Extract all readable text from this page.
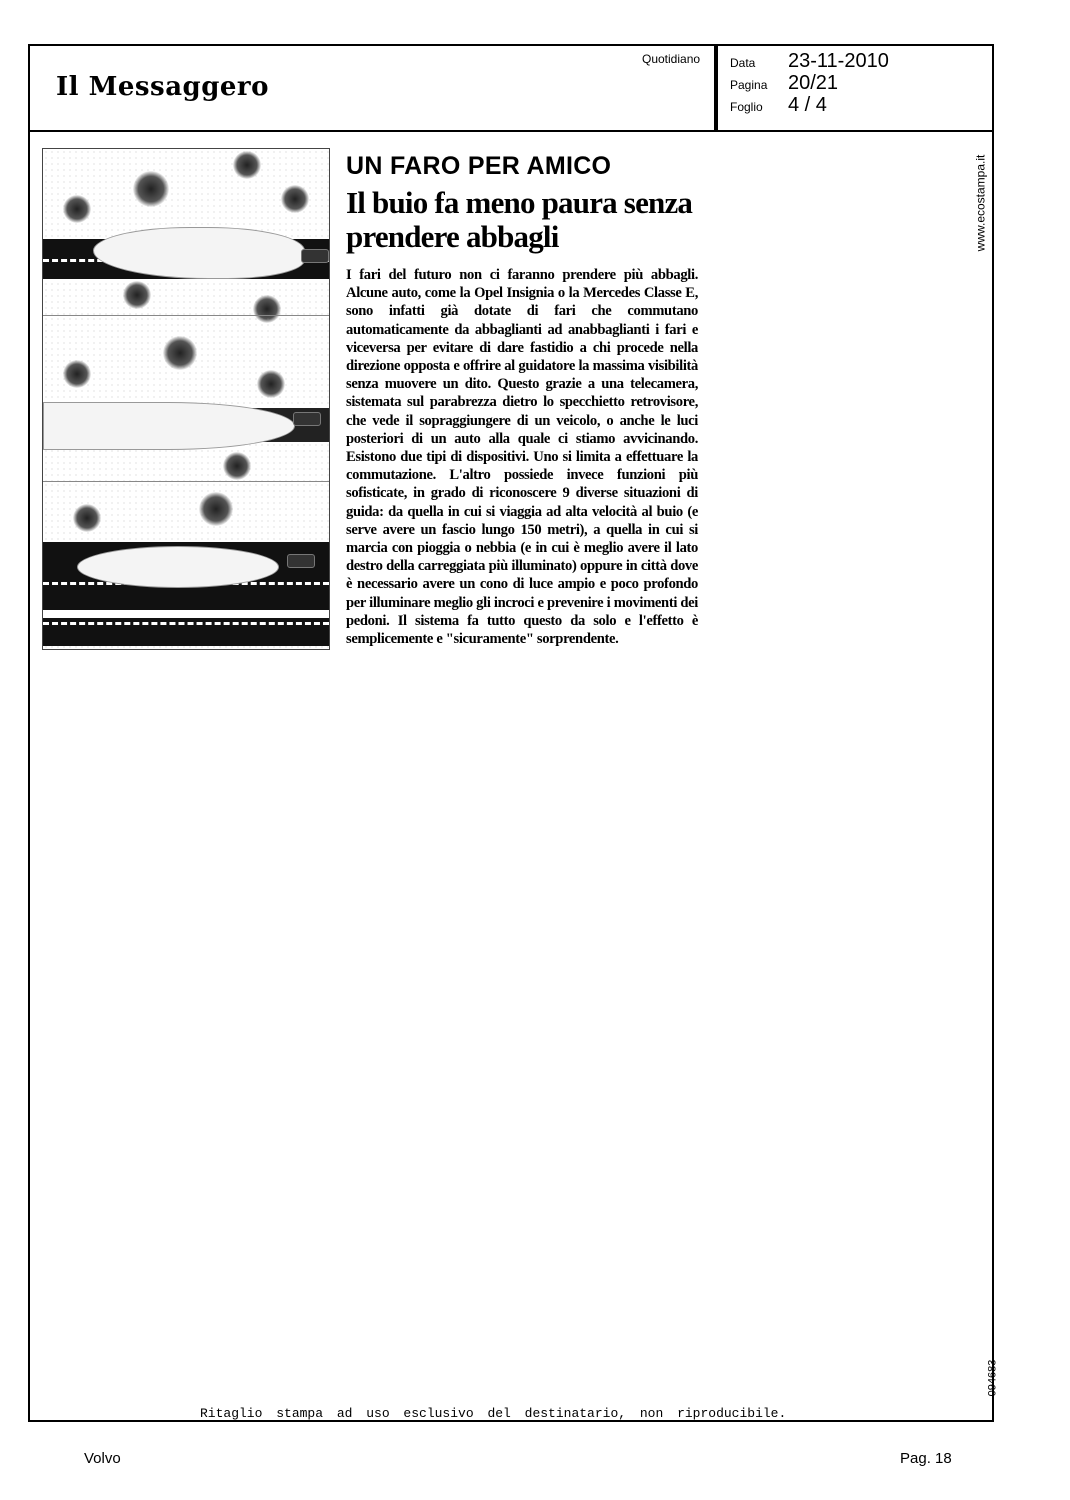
Il Messaggero
Quotidiano Data 23-11-2010
Pagina 20/21
Foglio 4 / 4
www.ecostampa.it
094683
UN FARO PER AMICO
Il buio fa meno paura senza prendere abbagli
I fari del futuro non ci faranno prendere più abbagli. Alcune auto, come la Opel Insignia o la Mercedes Classe E, sono infatti già dotate di fari che commutano automaticamente da abbaglianti ad anabbaglianti i fari e viceversa per evitare di dare fastidio a chi procede nella direzione opposta e offrire al guidatore la massima visibilità senza muovere un dito. Questo grazie a una telecamera, sistemata sul parabrezza dietro lo specchietto retrovisore, che vede il sopraggiungere di un veicolo, o anche le luci posteriori di un auto alla quale ci stiamo avvicinando. Esistono due tipi di dispositivi. Uno si limita a effettuare la commutazione. L'altro possiede invece funzioni più sofisticate, in grado di riconoscere 9 diverse situazioni di guida: da quella in cui si viaggia ad alta velocità al buio (e serve avere un fascio lungo 150 metri), a quella in cui si marcia con pioggia o nebbia (e in cui è meglio avere il lato destro della carreggiata più illuminato) oppure in città dove è necessario avere un cono di luce ampio e poco profondo per illuminare meglio gli incroci e prevenire i movimenti dei pedoni. Il sistema fa tutto questo da solo e l'effetto è semplicemente e "sicuramente" sorprendente.
Ritaglio stampa ad uso esclusivo del destinatario, non riproducibile.
Volvo	Pag. 18
